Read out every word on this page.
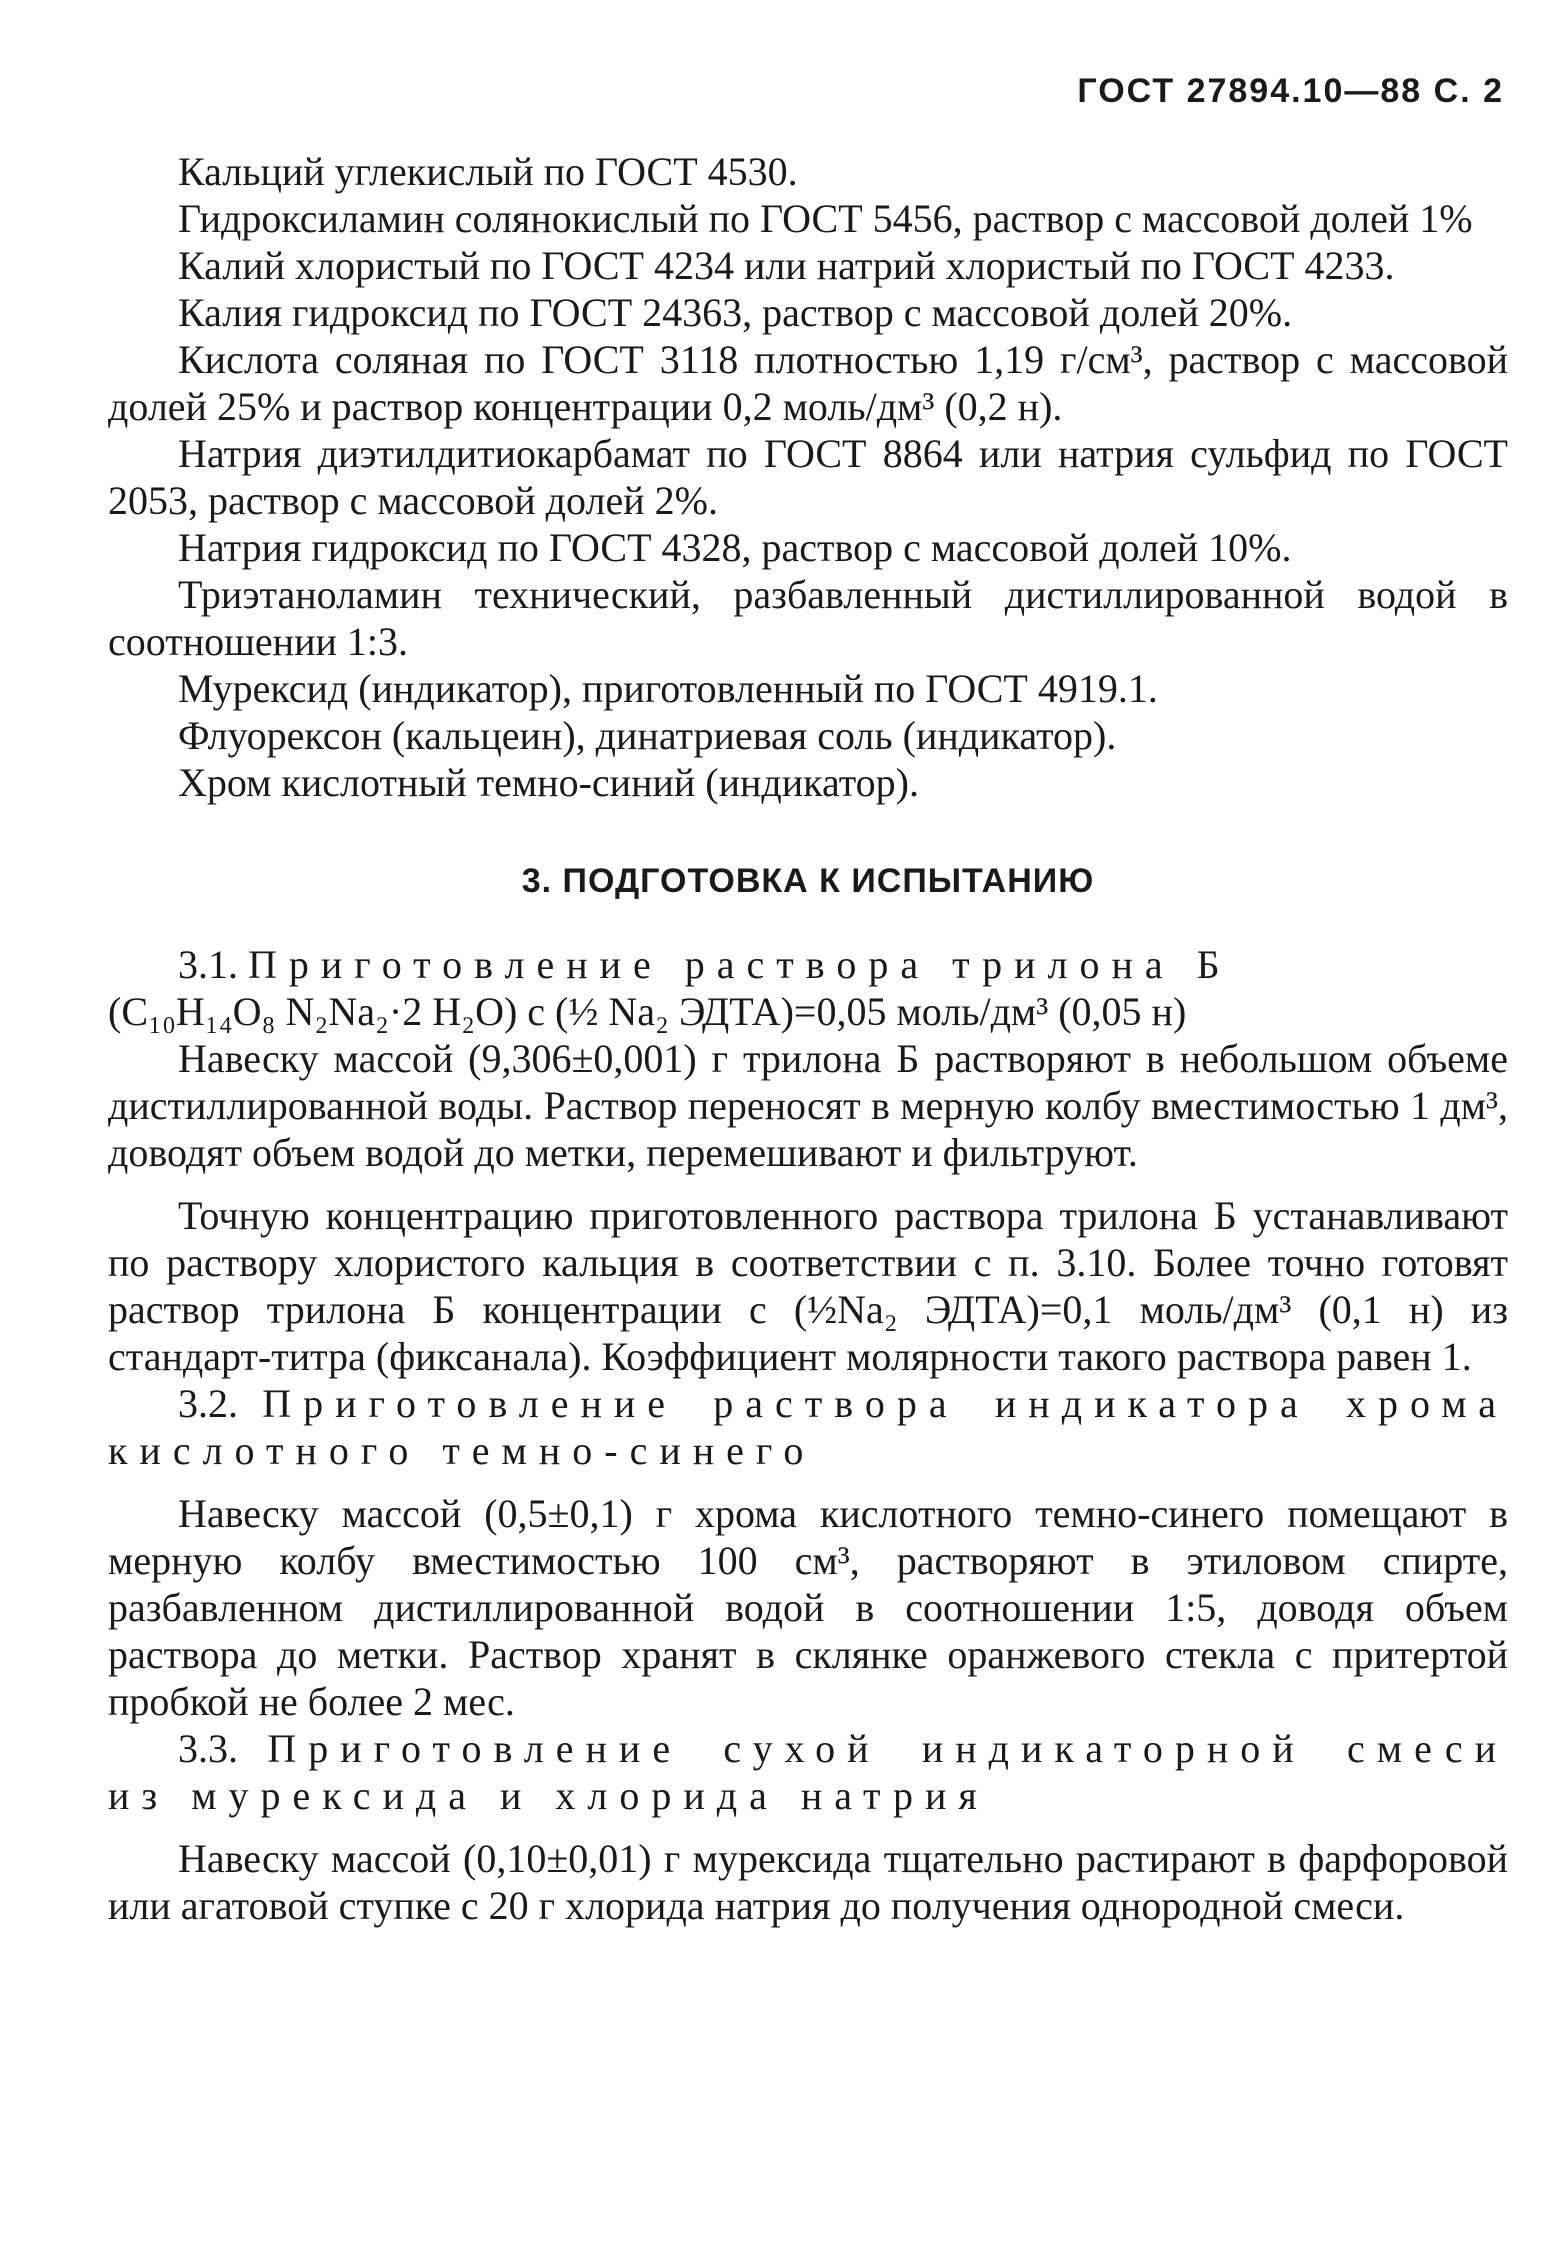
ГОСТ 27894.10—88 С. 2

Кальций углекислый по ГОСТ 4530.

Гидроксиламин солянокислый по ГОСТ 5456, раствор с массовой долей 1%

Калий хлористый по ГОСТ 4234 или натрий хлористый по ГОСТ 4233.

Калия гидроксид по ГОСТ 24363, раствор с массовой долей 20%.

Кислота соляная по ГОСТ 3118 плотностью 1,19 г/см³, раствор с массовой долей 25% и раствор концентрации 0,2 моль/дм³ (0,2 н).

Натрия диэтилдитиокарбамат по ГОСТ 8864 или натрия сульфид по ГОСТ 2053, раствор с массовой долей 2%.

Натрия гидроксид по ГОСТ 4328, раствор с массовой долей 10%.

Триэтаноламин технический, разбавленный дистиллированной водой в соотношении 1:3.

Мурексид (индикатор), приготовленный по ГОСТ 4919.1.

Флуорексон (кальцеин), динатриевая соль (индикатор).

Хром кислотный темно-синий (индикатор).

3. ПОДГОТОВКА К ИСПЫТАНИЮ

3.1. Приготовление раствора трилона Б

(C₁₀H₁₄O₈ N₂Na₂·2 H₂O) c (½ Na₂ ЭДТА)=0,05 моль/дм³ (0,05 н)

Навеску массой (9,306±0,001) г трилона Б растворяют в небольшом объеме дистиллированной воды. Раствор переносят в мерную колбу вместимостью 1 дм³, доводят объем водой до метки, перемешивают и фильтруют.

Точную концентрацию приготовленного раствора трилона Б устанавливают по раствору хлористого кальция в соответствии с п. 3.10. Более точно готовят раствор трилона Б концентрации c (½Na₂ ЭДТА)=0,1 моль/дм³ (0,1 н) из стандарт-титра (фиксанала). Коэффициент молярности такого раствора равен 1.

3.2. Приготовление раствора индикатора хрома кислотного темно-синего

Навеску массой (0,5±0,1) г хрома кислотного темно-синего помещают в мерную колбу вместимостью 100 см³, растворяют в этиловом спирте, разбавленном дистиллированной водой в соотношении 1:5, доводя объем раствора до метки. Раствор хранят в склянке оранжевого стекла с притертой пробкой не более 2 мес.

3.3. Приготовление сухой индикаторной смеси из мурексида и хлорида натрия

Навеску массой (0,10±0,01) г мурексида тщательно растирают в фарфоровой или агатовой ступке с 20 г хлорида натрия до получения однородной смеси.
